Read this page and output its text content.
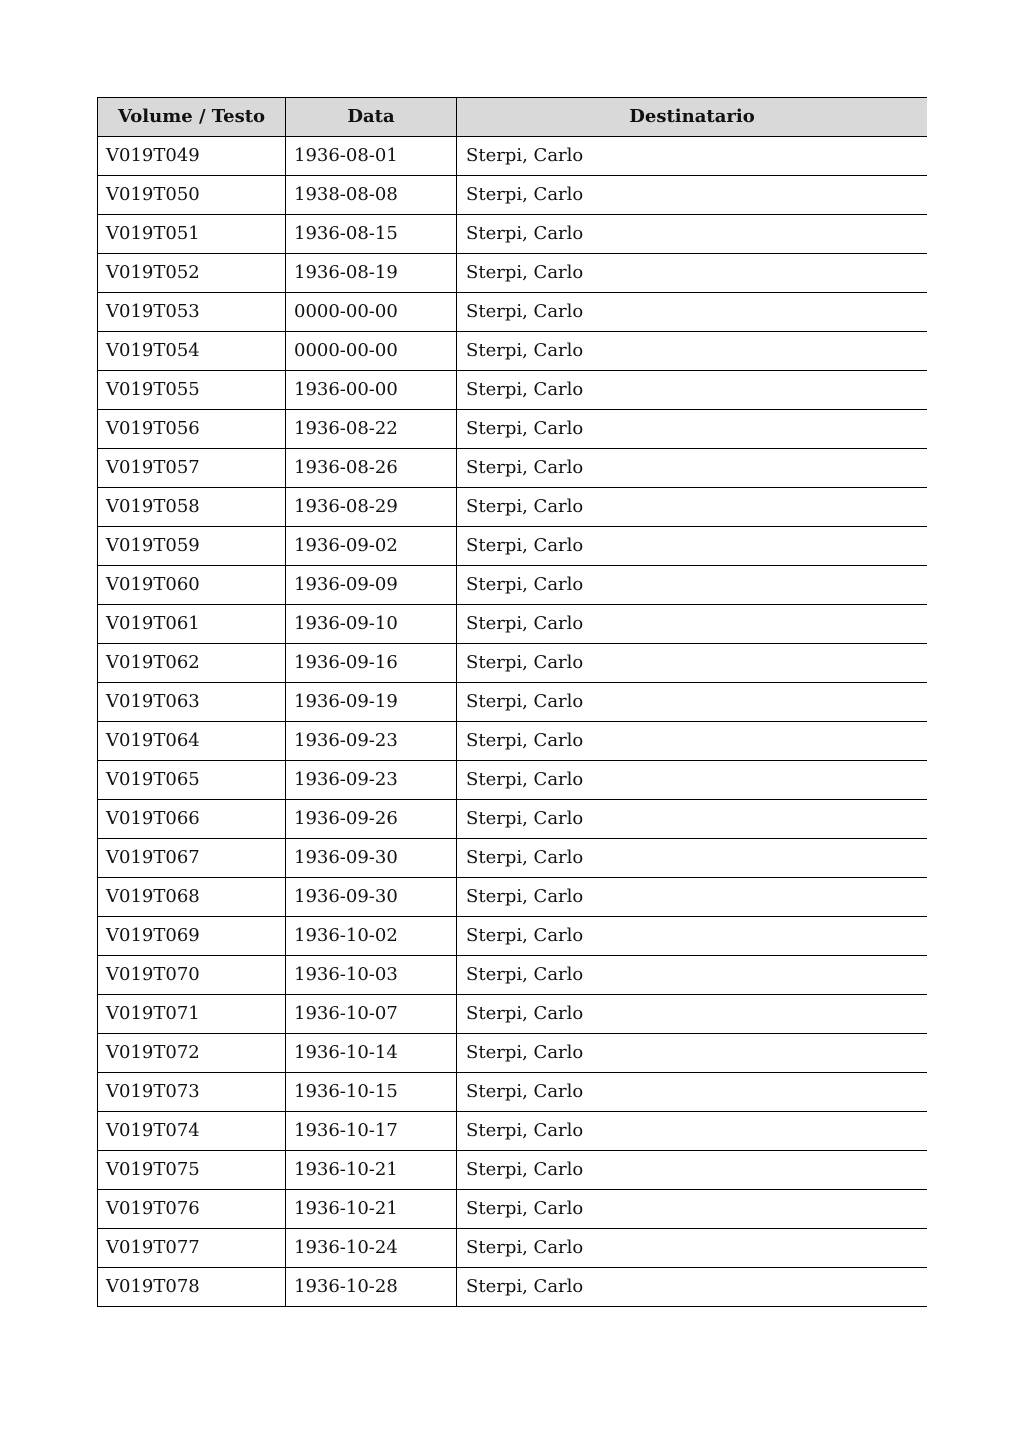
Volume / Testo	Data	Destinatario
V019T049	1936-08-01	Sterpi, Carlo
V019T050	1938-08-08	Sterpi, Carlo
V019T051	1936-08-15	Sterpi, Carlo
V019T052	1936-08-19	Sterpi, Carlo
V019T053	0000-00-00	Sterpi, Carlo
V019T054	0000-00-00	Sterpi, Carlo
V019T055	1936-00-00	Sterpi, Carlo
V019T056	1936-08-22	Sterpi, Carlo
V019T057	1936-08-26	Sterpi, Carlo
V019T058	1936-08-29	Sterpi, Carlo
V019T059	1936-09-02	Sterpi, Carlo
V019T060	1936-09-09	Sterpi, Carlo
V019T061	1936-09-10	Sterpi, Carlo
V019T062	1936-09-16	Sterpi, Carlo
V019T063	1936-09-19	Sterpi, Carlo
V019T064	1936-09-23	Sterpi, Carlo
V019T065	1936-09-23	Sterpi, Carlo
V019T066	1936-09-26	Sterpi, Carlo
V019T067	1936-09-30	Sterpi, Carlo
V019T068	1936-09-30	Sterpi, Carlo
V019T069	1936-10-02	Sterpi, Carlo
V019T070	1936-10-03	Sterpi, Carlo
V019T071	1936-10-07	Sterpi, Carlo
V019T072	1936-10-14	Sterpi, Carlo
V019T073	1936-10-15	Sterpi, Carlo
V019T074	1936-10-17	Sterpi, Carlo
V019T075	1936-10-21	Sterpi, Carlo
V019T076	1936-10-21	Sterpi, Carlo
V019T077	1936-10-24	Sterpi, Carlo
V019T078	1936-10-28	Sterpi, Carlo
